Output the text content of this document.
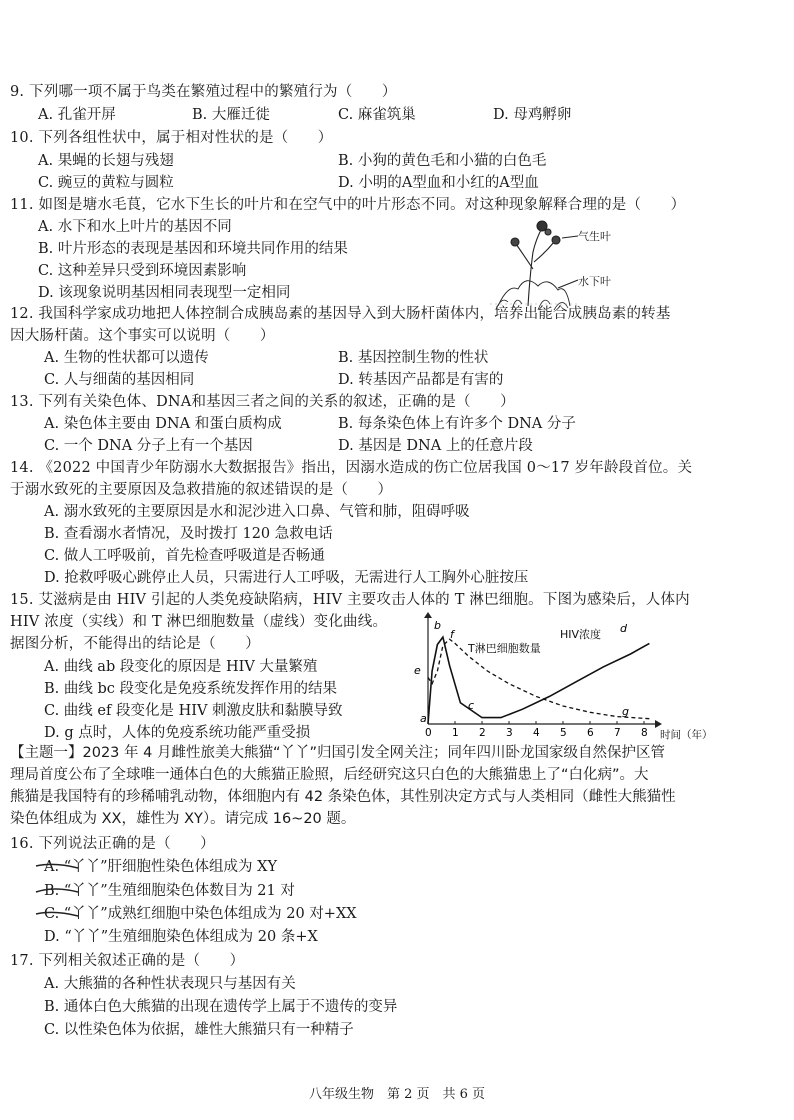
9. 下列哪一项不属于鸟类在繁殖过程中的繁殖行为（　　）
A. 孔雀开屏	B. 大雁迁徙	C. 麻雀筑巢	D. 母鸡孵卵
10. 下列各组性状中，属于相对性状的是（　　）
A. 果蝇的长翅与残翅	B. 小狗的黄色毛和小猫的白色毛
C. 豌豆的黄粒与圆粒	D. 小明的A型血和小红的A型血
11. 如图是塘水毛茛，它水下生长的叶片和在空气中的叶片形态不同。对这种现象解释合理的是（　　）
A. 水下和水上叶片的基因不同
B. 叶片形态的表现是基因和环境共同作用的结果
C. 这种差异只受到环境因素影响
D. 该现象说明基因相同表现型一定相同
气生叶
水下叶
12. 我国科学家成功地把人体控制合成胰岛素的基因导入到大肠杆菌体内，培养出能合成胰岛素的转基
因大肠杆菌。这个事实可以说明（　　）
A. 生物的性状都可以遗传	B. 基因控制生物的性状
C. 人与细菌的基因相同	D. 转基因产品都是有害的
13. 下列有关染色体、DNA和基因三者之间的关系的叙述，正确的是（　　）
A. 染色体主要由 DNA 和蛋白质构成	B. 每条染色体上有许多个 DNA 分子
C. 一个 DNA 分子上有一个基因	D. 基因是 DNA 上的任意片段
14. 《2022 中国青少年防溺水大数据报告》指出，因溺水造成的伤亡位居我国 0～17 岁年龄段首位。关
于溺水致死的主要原因及急救措施的叙述错误的是（　　）
A. 溺水致死的主要原因是水和泥沙进入口鼻、气管和肺，阻碍呼吸
B. 查看溺水者情况，及时拨打 120 急救电话
C. 做人工呼吸前，首先检查呼吸道是否畅通
D. 抢救呼吸心跳停止人员，只需进行人工呼吸，无需进行人工胸外心脏按压
15. 艾滋病是由 HIV 引起的人类免疫缺陷病，HIV 主要攻击人体的 T 淋巴细胞。下图为感染后，人体内
HIV 浓度（实线）和 T 淋巴细胞数量（虚线）变化曲线。
据图分析，不能得出的结论是（　　）
A. 曲线 ab 段变化的原因是 HIV 大量繁殖
B. 曲线 bc 段变化是免疫系统发挥作用的结果
C. 曲线 ef 段变化是 HIV 刺激皮肤和黏膜导致
D. g 点时，人体的免疫系统功能严重受损	0 1 2 3 4 5 6 7 8
HIV浓度
T淋巴细胞数量
时间（年）
b
f
e
a
c
d
g
【主题一】2023 年 4 月雌性旅美大熊猫“丫丫”归国引发全网关注；同年四川卧龙国家级自然保护区管
理局首度公布了全球唯一通体白色的大熊猫正脸照，后经研究这只白色的大熊猫患上了“白化病”。大
熊猫是我国特有的珍稀哺乳动物，体细胞内有 42 条染色体，其性别决定方式与人类相同（雌性大熊猫性
染色体组成为 XX，雄性为 XY）。请完成 16~20 题。
16. 下列说法正确的是（　　）
A. “丫丫”肝细胞性染色体组成为 XY
B. “丫丫”生殖细胞染色体数目为 21 对
C. “丫丫”成熟红细胞中染色体组成为 20 对+XX
D. “丫丫”生殖细胞染色体组成为 20 条+X
17. 下列相关叙述正确的是（　　）
A. 大熊猫的各种性状表现只与基因有关
B. 通体白色大熊猫的出现在遗传学上属于不遗传的变异
C. 以性染色体为依据，雄性大熊猫只有一种精子
八年级生物　第 2 页　共 6 页
